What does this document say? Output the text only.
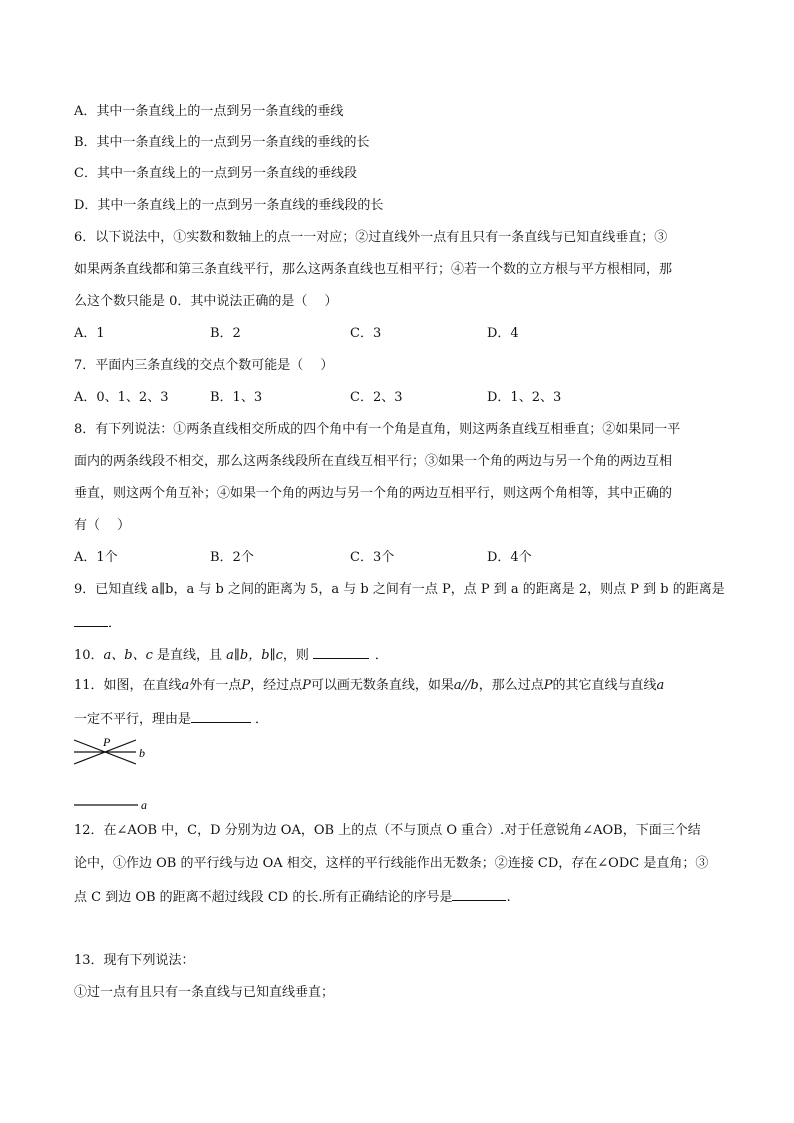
A．其中一条直线上的一点到另一条直线的垂线
B．其中一条直线上的一点到另一条直线的垂线的长
C．其中一条直线上的一点到另一条直线的垂线段
D．其中一条直线上的一点到另一条直线的垂线段的长
6．以下说法中，①实数和数轴上的点一一对应；②过直线外一点有且只有一条直线与已知直线垂直；③
如果两条直线都和第三条直线平行，那么这两条直线也互相平行；④若一个数的立方根与平方根相同，那
么这个数只能是 0．其中说法正确的是（　 ）
A．1	B．2	C．3	D．4
7．平面内三条直线的交点个数可能是（　 ）
A．0、1、2、3	B．1、3	C．2、3	D．1、2、3
8．有下列说法：①两条直线相交所成的四个角中有一个角是直角，则这两条直线互相垂直；②如果同一平
面内的两条线段不相交，那么这两条线段所在直线互相平行；③如果一个角的两边与另一个角的两边互相
垂直，则这两个角互补；④如果一个角的两边与另一个角的两边互相平行，则这两个角相等，其中正确的
有（　 ）
A．1个	B．2个	C．3个	D．4个
9．已知直线 a∥b，a 与 b 之间的距离为 5，a 与 b 之间有一点 P，点 P 到 a 的距离是 2，则点 P 到 b 的距离是
．
10．a、b、c 是直线，且 a∥b，b∥c，则	．
11．如图，在直线a外有一点P，经过点P可以画无数条直线，如果a//b，那么过点P的其它直线与直线a
一定不平行，理由是	．
P
b
a
12．在∠AOB 中，C，D 分别为边 OA，OB 上的点（不与顶点 O 重合）.对于任意锐角∠AOB，下面三个结
论中，①作边 OB 的平行线与边 OA 相交，这样的平行线能作出无数条；②连接 CD，存在∠ODC 是直角；③
点 C 到边 OB 的距离不超过线段 CD 的长.所有正确结论的序号是	.
13．现有下列说法：
①过一点有且只有一条直线与已知直线垂直；
